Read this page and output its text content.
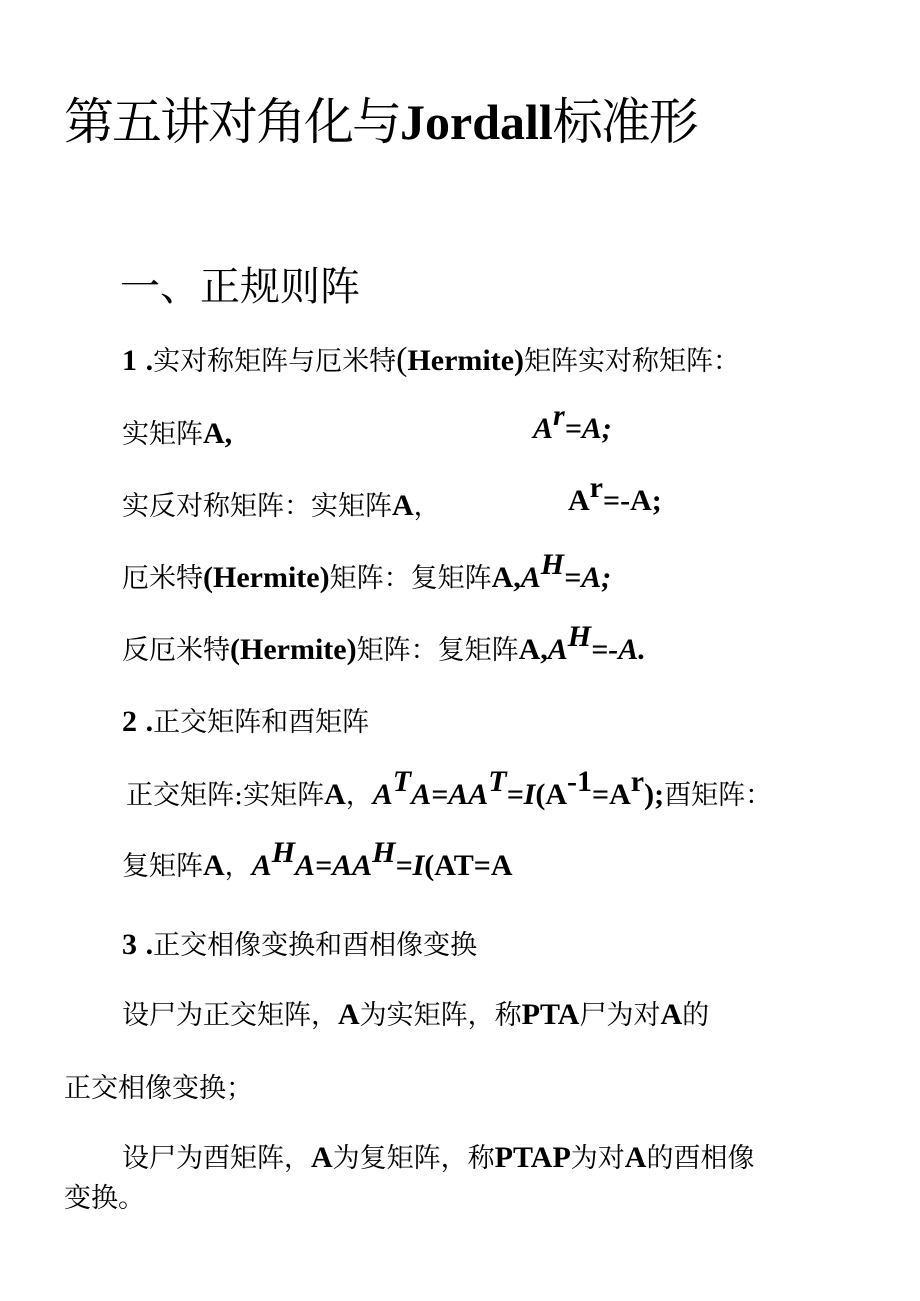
第五讲对角化与Jordall标准形
一、正规则阵
1 .实对称矩阵与厄米特(Hermite)矩阵实对称矩阵：
实矩阵A,	$A^r=A$;
实反对称矩阵：实矩阵A，	$A^r=-A$;
厄米特(Hermite)矩阵：复矩阵$A,A^H=A$;
反厄米特(Hermite)矩阵：复矩阵$A,A^H=-A$.
2 .正交矩阵和酉矩阵
正交矩阵:实矩阵A，$A^TA=AA^T=I(A^{-1}=A^r)$;酉矩阵：
复矩阵A，$A^HA=AA^H=I(AT=A$
3 .正交相像变换和酉相像变换
设尸为正交矩阵，A为实矩阵，称PTA尸为对A的
正交相像变换；
设尸为酉矩阵，A为复矩阵，称PTAP为对A的酉相像
变换。
